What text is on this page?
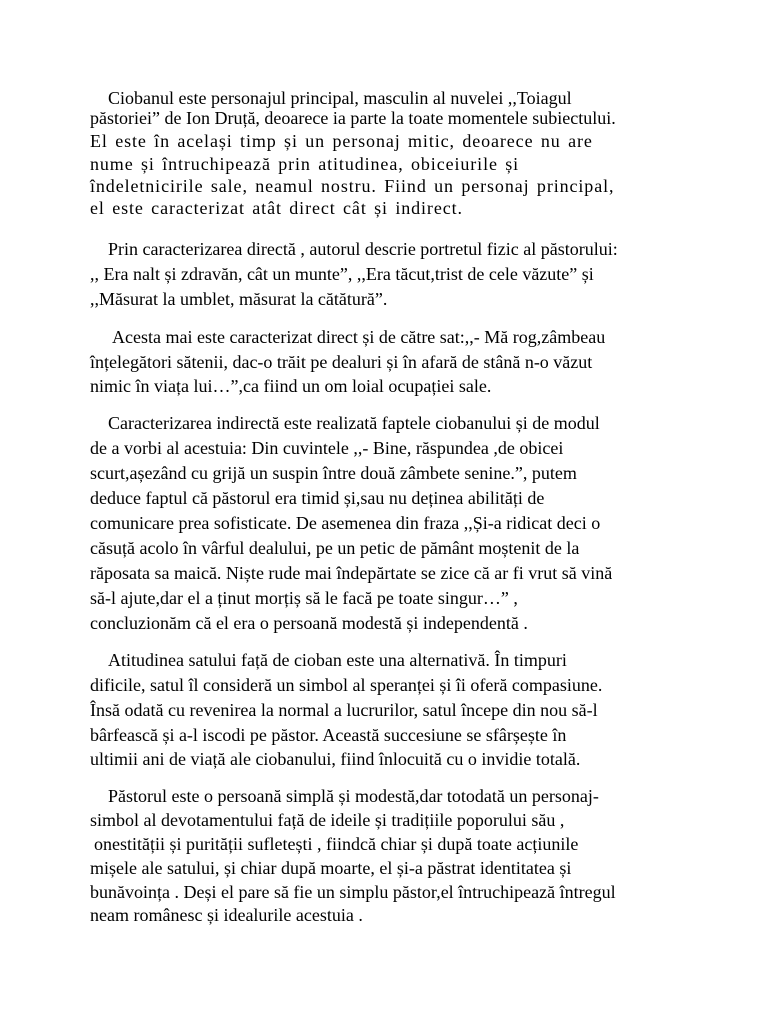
Ciobanul este personajul principal, masculin al nuvelei ,,Toiagul
păstoriei” de Ion Druță, deoarece ia parte la toate momentele subiectului.
El este în același timp și un personaj mitic, deoarece nu are
nume și întruchipează prin atitudinea, obiceiurile și
îndeletnicirile sale, neamul nostru. Fiind un personaj principal,
el este caracterizat atât direct cât și indirect.
Prin caracterizarea directă , autorul descrie portretul fizic al păstorului:
,, Era nalt și zdravăn, cât un munte”, ,,Era tăcut,trist de cele văzute” și
,,Măsurat la umblet, măsurat la cătătură”.
Acesta mai este caracterizat direct și de către sat:,,- Mă rog,zâmbeau
înțelegători sătenii, dac-o trăit pe dealuri și în afară de stână n-o văzut
nimic în viața lui…”,ca fiind un om loial ocupației sale.
Caracterizarea indirectă este realizată faptele ciobanului și de modul
de a vorbi al acestuia: Din cuvintele ,,- Bine, răspundea ,de obicei
scurt,așezând cu grijă un suspin între două zâmbete senine.”, putem
deduce faptul că păstorul era timid și,sau nu deținea abilități de
comunicare prea sofisticate. De asemenea din fraza ,,Și-a ridicat deci o
căsuță acolo în vârful dealului, pe un petic de pământ moștenit de la
răposata sa maică. Niște rude mai îndepărtate se zice că ar fi vrut să vină
să-l ajute,dar el a ținut morțiș să le facă pe toate singur…” ,
concluzionăm că el era o persoană modestă și independentă .
Atitudinea satului față de cioban este una alternativă. În timpuri
dificile, satul îl consideră un simbol al speranței și îi oferă compasiune.
Însă odată cu revenirea la normal a lucrurilor, satul începe din nou să-l
bârfească și a-l iscodi pe păstor. Această succesiune se sfârșește în
ultimii ani de viață ale ciobanului, fiind înlocuită cu o invidie totală.
Păstorul este o persoană simplă și modestă,dar totodată un personaj-
simbol al devotamentului față de ideile și tradițiile poporului său ,
onestității și purității sufletești , fiindcă chiar și după toate acțiunile
mișele ale satului, și chiar după moarte, el și-a păstrat identitatea și
bunăvoința . Deși el pare să fie un simplu păstor,el întruchipează întregul
neam românesc și idealurile acestuia .
